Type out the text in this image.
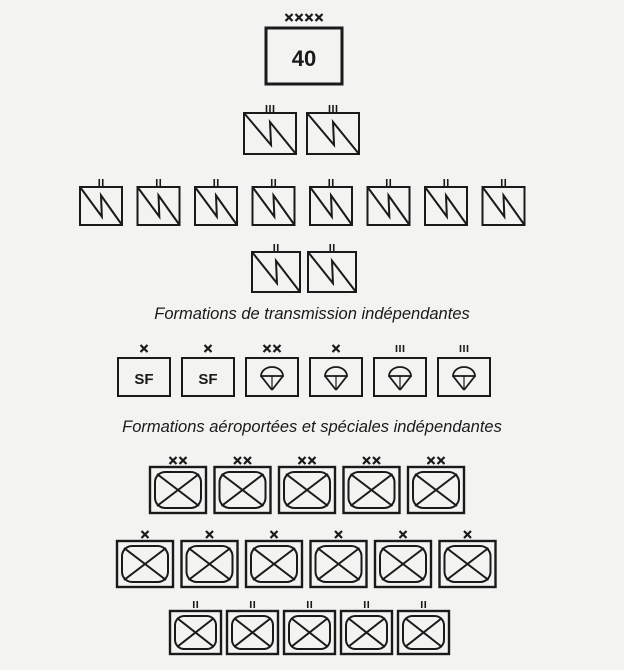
40
SF	SF
Formations de transmission indépendantes
Formations aéroportées et spéciales indépendantes
